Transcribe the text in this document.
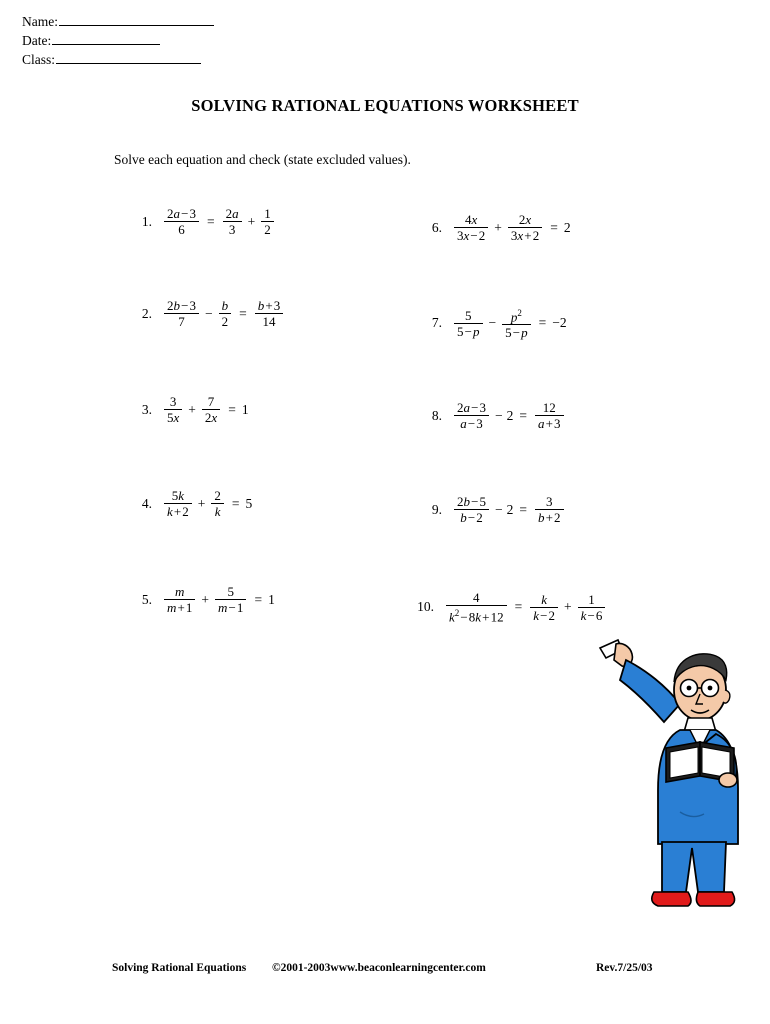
Name:
Date:
Class:
SOLVING RATIONAL EQUATIONS WORKSHEET
Solve each equation and check (state excluded values).
1. $\frac{2a - 3}{6} = \frac{2a}{3} + \frac{1}{2}$
2. $\frac{2b - 3}{7} - \frac{b}{2} = \frac{b + 3}{14}$
3. $\frac{3}{5x} + \frac{7}{2x} = 1$
4. $\frac{5k}{k + 2} + \frac{2}{k} = 5$
5. $\frac{m}{m + 1} + \frac{5}{m - 1} = 1$
6. $\frac{4x}{3x - 2} + \frac{2x}{3x + 2} = 2$
7. $\frac{5}{5 - p} - \frac{p^2}{5 - p} = -2$
8. $\frac{2a - 3}{a - 3} - 2 = \frac{12}{a + 3}$
9. $\frac{2b - 5}{b - 2} - 2 = \frac{3}{b + 2}$
10. $\frac{4}{k^2 - 8k + 12} = \frac{k}{k - 2} + \frac{1}{k - 6}$
Solving Rational Equations ©2001-2003www.beaconlearningcenter.com	Rev.7/25/03
